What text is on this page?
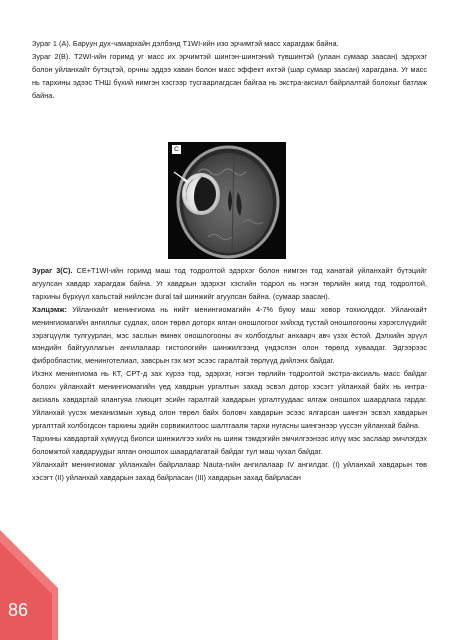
Зураг 1 (A). Баруун дух-чамархайн дэлбэнд T1WI-ийн изо эрчимтэй масс харагдаж байна.

Зураг 2(B). T2WI-ийн горимд уг масс их эрчимтэй шингэн-шингэний түвшинтэй (улаан сумаар заасан) эдэрхэг болон уйланхайт бүтэцтэй, орчны эддээ хаван болон масс эффект ихтэй (шар сумаар заасан) харагдана. Уг масс нь тархины эдээс ТНШ бүхий нимгэн хэсгээр тусгаарлагдсан байгаа нь экстра-аксиал байрлалтай болохыг батлаж байна.

C

Зураг 3(C). CE+T1WI-ийн горимд маш тод тодролтой эдэрхэг болон нимгэн тод ханатай уйланхайт бүтэцийг агуулсан хавдар харагдаж байна. Уг хавдрын эдэрхэг хэсгийн тодрол нь нэгэн төрлийн жигд тод тодролтой, тархины бүрхүүл хальстай нийлсэн dural tail шинжийг агуулсан байна. (сумаар заасан).

Хэлцэмж: Уйланхайт менингиома нь нийт менингиомагийн 4-7% буюу маш ховор тохиолддог. Уйланхайт менингиомагийн ангиллыг судлах, олон төрөл доторх ялган оношлогоог хийхэд тустай оношлогооны хэрэгслүүдийг зэрэгцүүлж тулгуурлан, мэс заслын өмнөх оношлогооны ач холбогдлыг анхаарч авч үзэх ёстой. Дэлхийн эрүүл мэндийн байгууллагын ангилалаар гистологийн шинжилгээнд үндэслэн олон төрөлд хуваадаг. Эдгээрээс фибробластик, менинготелиал, завсрын гэх мэт эсээс гаралтай төрлүүд дийлэнх байдаг.

Ихэнх менингиома нь КТ, СРТ-д зах хүрээ тод, эдэрхэг, нэгэн төрлийн тодролтой экстра-аксиаль масс байдаг болохч уйланхайт менингиомагийн үед хавдрын ургалтын захад эсвэл дотор хэсэгт уйланхай байх нь интра-аксиаль хавдартай ялангуяа глиоцит эсийн гаралтай хавдарын ургалтуудаас ялгаж оношлох шаардлага гардаг. Уйланхай үүсэх механизмын хувьд олон төрөл байх боловч хавдарын эсээс ялгарсан шингэн эсвэл хавдарын ургалттай холбогдсон тархины эдийн сорвижилтоос шалтгаалж тархи нугасны шингэнээр үүссэн уйланхай байна.

Тархины хавдартай хүмүүсд биопси шинжилгээ хийх нь шинж тэмдэгийн эмчилгээнээс илүү мэс заслаар эмчлэгдэх боломжтой хавдаруудыг ялган оношлох шаардлагатай байдаг тул маш чухал байдаг.

Уйланхайт менингиомаг уйланхайн байрлалаар Nauta-гийн ангилалаар IV ангилдаг. (I) уйланхай хавдарын төв хэсэгт (II) уйланхай хавдарын захад байрласан (III) хавдарын захад байрласан

86
